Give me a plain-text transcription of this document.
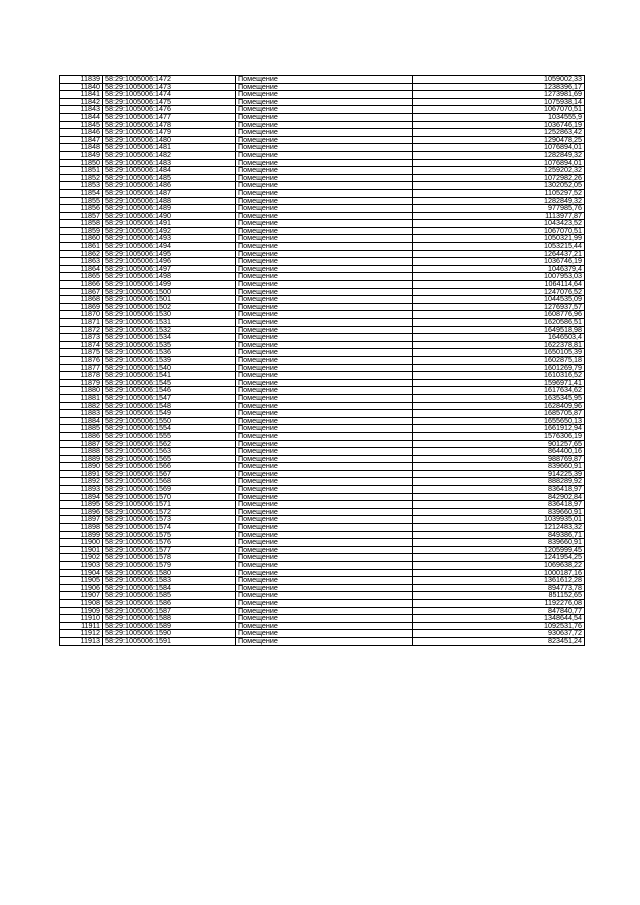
11839	58:29:1005006:1472	Помещение	1059002,33
11840	58:29:1005006:1473	Помещение	1238396,17
11841	58:29:1005006:1474	Помещение	1273981,69
11842	58:29:1005006:1475	Помещение	1075938,14
11843	58:29:1005006:1476	Помещение	1067070,51
11844	58:29:1005006:1477	Помещение	1034555,9
11845	58:29:1005006:1478	Помещение	1036746,19
11846	58:29:1005006:1479	Помещение	1252863,42
11847	58:29:1005006:1480	Помещение	1290478,25
11848	58:29:1005006:1481	Помещение	1076894,01
11849	58:29:1005006:1482	Помещение	1282849,32
11850	58:29:1005006:1483	Помещение	1076894,01
11851	58:29:1005006:1484	Помещение	1259202,32
11852	58:29:1005006:1485	Помещение	1072982,26
11853	58:29:1005006:1486	Помещение	1302052,05
11854	58:29:1005006:1487	Помещение	1105297,52
11855	58:29:1005006:1488	Помещение	1282849,32
11856	58:29:1005006:1489	Помещение	977985,76
11857	58:29:1005006:1490	Помещение	1113977,87
11858	58:29:1005006:1491	Помещение	1043423,52
11859	58:29:1005006:1492	Помещение	1067070,51
11860	58:29:1005006:1493	Помещение	1050321,99
11861	58:29:1005006:1494	Помещение	1053215,44
11862	58:29:1005006:1495	Помещение	1264437,21
11863	58:29:1005006:1496	Помещение	1036746,19
11864	58:29:1005006:1497	Помещение	1046379,4
11865	58:29:1005006:1498	Помещение	1007953,03
11866	58:29:1005006:1499	Помещение	1064114,64
11867	58:29:1005006:1500	Помещение	1247076,52
11868	58:29:1005006:1501	Помещение	1044535,09
11869	58:29:1005006:1502	Помещение	1276937,57
11870	58:29:1005006:1530	Помещение	1608776,96
11871	58:29:1005006:1531	Помещение	1620586,51
11872	58:29:1005006:1532	Помещение	1649518,98
11873	58:29:1005006:1534	Помещение	1646503,4
11874	58:29:1005006:1535	Помещение	1622378,81
11875	58:29:1005006:1536	Помещение	1650105,39
11876	58:29:1005006:1539	Помещение	1602875,18
11877	58:29:1005006:1540	Помещение	1601269,79
11878	58:29:1005006:1541	Помещение	1610316,52
11879	58:29:1005006:1545	Помещение	1596971,41
11880	58:29:1005006:1546	Помещение	1617634,62
11881	58:29:1005006:1547	Помещение	1635345,95
11882	58:29:1005006:1548	Помещение	1628409,96
11883	58:29:1005006:1549	Помещение	1685705,87
11884	58:29:1005006:1550	Помещение	1655650,13
11885	58:29:1005006:1554	Помещение	1661912,94
11886	58:29:1005006:1555	Помещение	1576306,19
11887	58:29:1005006:1562	Помещение	901257,65
11888	58:29:1005006:1563	Помещение	864400,16
11889	58:29:1005006:1565	Помещение	988769,87
11890	58:29:1005006:1566	Помещение	839660,91
11891	58:29:1005006:1567	Помещение	914225,39
11892	58:29:1005006:1568	Помещение	888289,92
11893	58:29:1005006:1569	Помещение	836418,97
11894	58:29:1005006:1570	Помещение	842902,84
11895	58:29:1005006:1571	Помещение	836418,97
11896	58:29:1005006:1572	Помещение	839660,91
11897	58:29:1005006:1573	Помещение	1039935,01
11898	58:29:1005006:1574	Помещение	1212483,32
11899	58:29:1005006:1575	Помещение	849386,71
11900	58:29:1005006:1576	Помещение	839660,91
11901	58:29:1005006:1577	Помещение	1205999,45
11902	58:29:1005006:1578	Помещение	1241954,25
11903	58:29:1005006:1579	Помещение	1069638,22
11904	58:29:1005006:1580	Помещение	1000187,16
11905	58:29:1005006:1583	Помещение	1361612,28
11906	58:29:1005006:1584	Помещение	894773,78
11907	58:29:1005006:1585	Помещение	851152,65
11908	58:29:1005006:1586	Помещение	1192276,08
11909	58:29:1005006:1587	Помещение	847840,77
11910	58:29:1005006:1588	Помещение	1348644,54
11911	58:29:1005006:1589	Помещение	1092531,76
11912	58:29:1005006:1590	Помещение	930637,72
11913	58:29:1005006:1591	Помещение	823451,24
